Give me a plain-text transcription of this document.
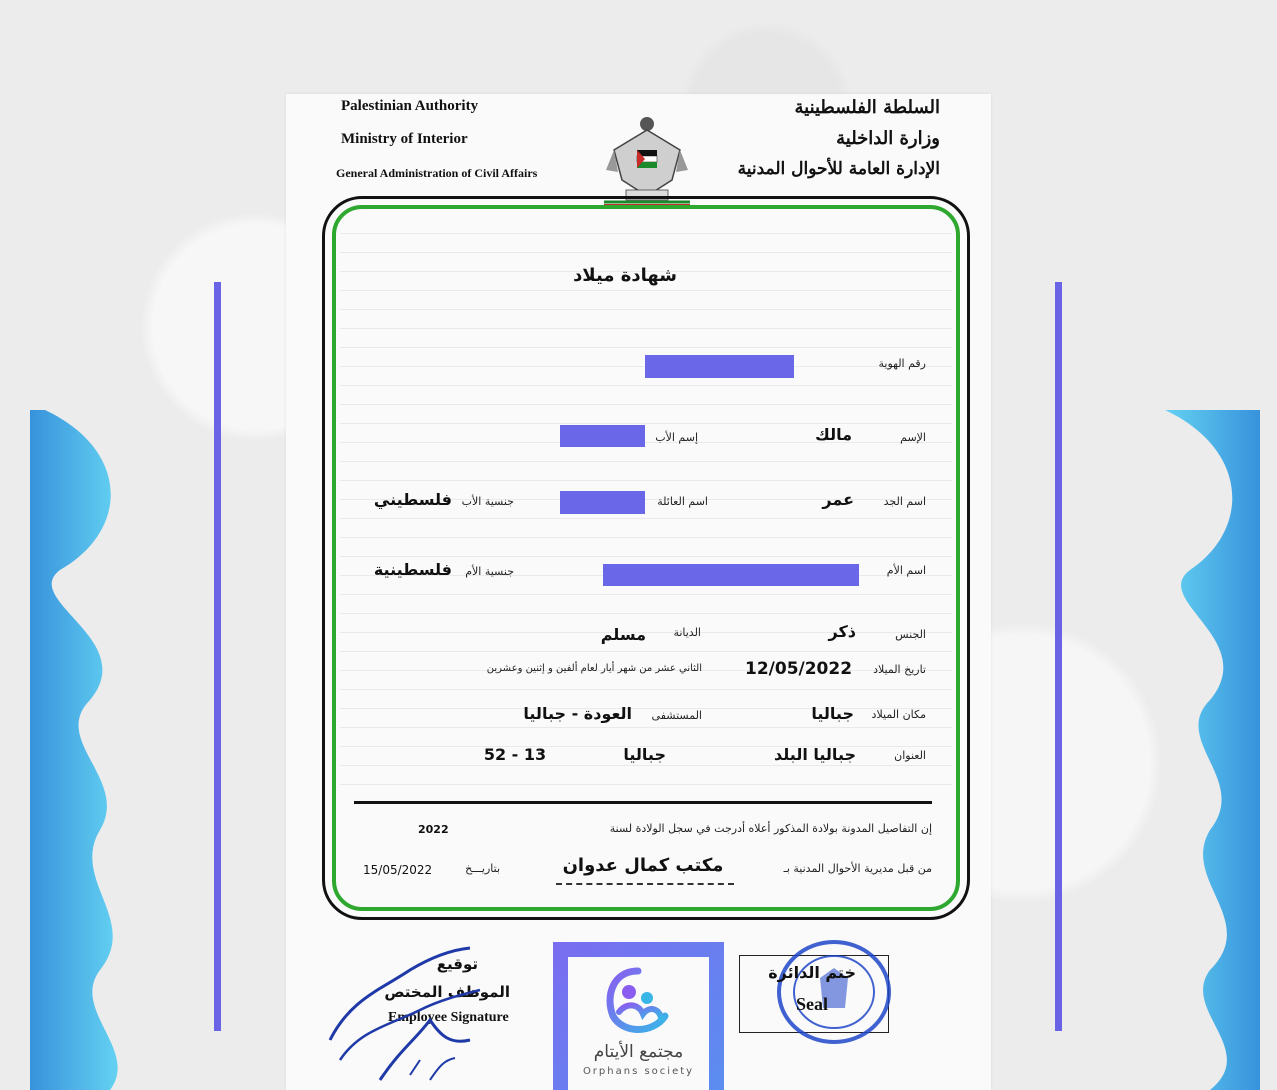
Palestinian Authority
Ministry of Interior
General Administration of Civil Affairs
السلطة الفلسطينية
وزارة الداخلية
الإدارة العامة للأحوال المدنية
شهادة ميلاد
رقم الهوية
الإسم
مالك
إسم الأب
اسم الجد
عمر
اسم العائلة
جنسية الأب
فلسطيني
اسم الأم
جنسية الأم
فلسطينية
الجنس
ذكر
الديانة
مسلم
تاريخ الميلاد
12/05/2022
الثاني عشر من شهر أيار لعام ألفين و إثنين وعشرين
مكان الميلاد
جباليا
المستشفى
العودة - جباليا
العنوان
جباليا البلد
جباليا
52 - 13
إن التفاصيل المدونة بولادة المذكور أعلاه أدرجت في سجل الولادة لسنة
2022
من قبل مديرية الأحوال المدنية بـ
مكتب كمال عدوان
بتاريـــخ
15/05/2022
توقيع
الموظف المختص
Employee Signature
مجتمع الأيتام
Orphans society
ختم الدائرة
Seal
